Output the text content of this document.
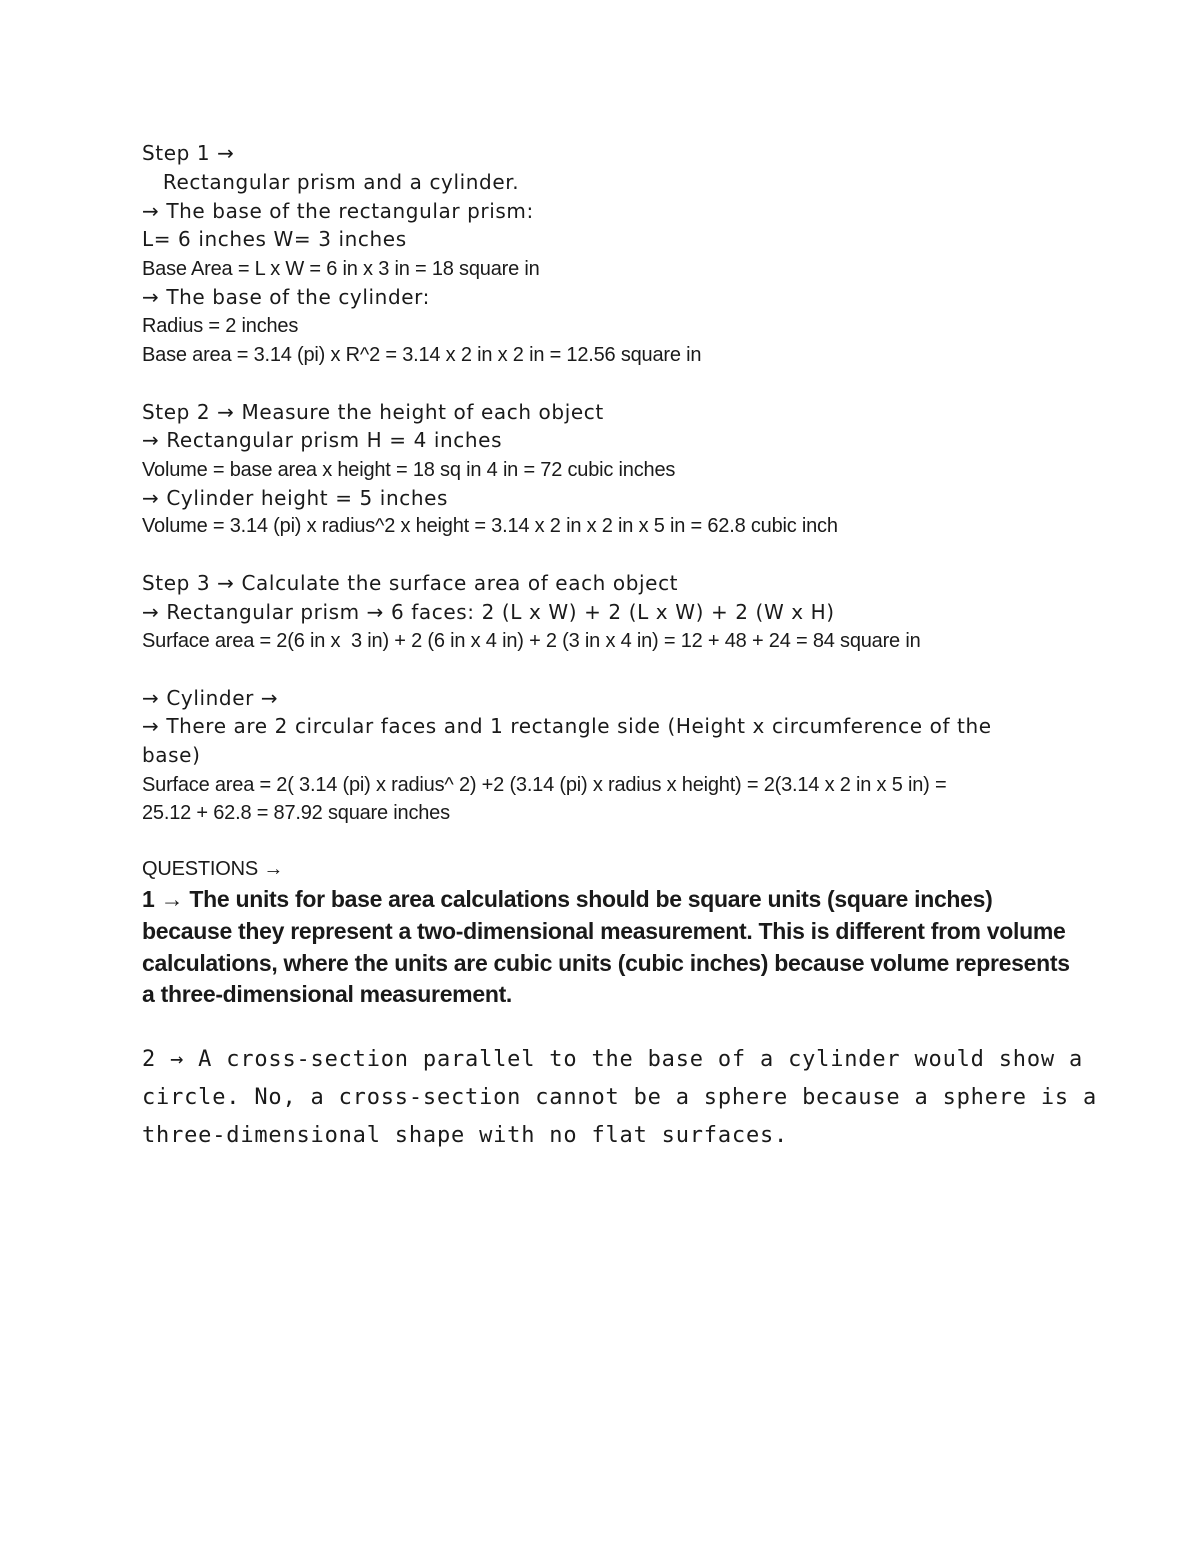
Step 1 →
Rectangular prism and a cylinder.
→ The base of the rectangular prism:
L= 6 inches W= 3 inches
Base Area = L x W = 6 in x 3 in = 18 square in
→ The base of the cylinder:
Radius = 2 inches
Base area = 3.14 (pi) x R^2 = 3.14 x 2 in x 2 in = 12.56 square in
Step 2 → Measure the height of each object
→ Rectangular prism H = 4 inches
Volume = base area x height = 18 sq in 4 in = 72 cubic inches
→ Cylinder height = 5 inches
Volume = 3.14 (pi) x radius^2 x height = 3.14 x 2 in x 2 in x 5 in = 62.8 cubic inch
Step 3 → Calculate the surface area of each object
→ Rectangular prism → 6 faces: 2 (L x W) + 2 (L x W) + 2 (W x H)
Surface area = 2(6 in x  3 in) + 2 (6 in x 4 in) + 2 (3 in x 4 in) = 12 + 48 + 24 = 84 square in
→ Cylinder →
→ There are 2 circular faces and 1 rectangle side (Height x circumference of the
base)
Surface area = 2( 3.14 (pi) x radius^ 2) +2 (3.14 (pi) x radius x height) = 2(3.14 x 2 in x 5 in) =
25.12 + 62.8 = 87.92 square inches
QUESTIONS →
1 → The units for base area calculations should be square units (square inches)
because they represent a two-dimensional measurement. This is different from volume
calculations, where the units are cubic units (cubic inches) because volume represents
a three-dimensional measurement.
2 → A cross-section parallel to the base of a cylinder would show a
circle. No, a cross-section cannot be a sphere because a sphere is a
three-dimensional shape with no flat surfaces.
